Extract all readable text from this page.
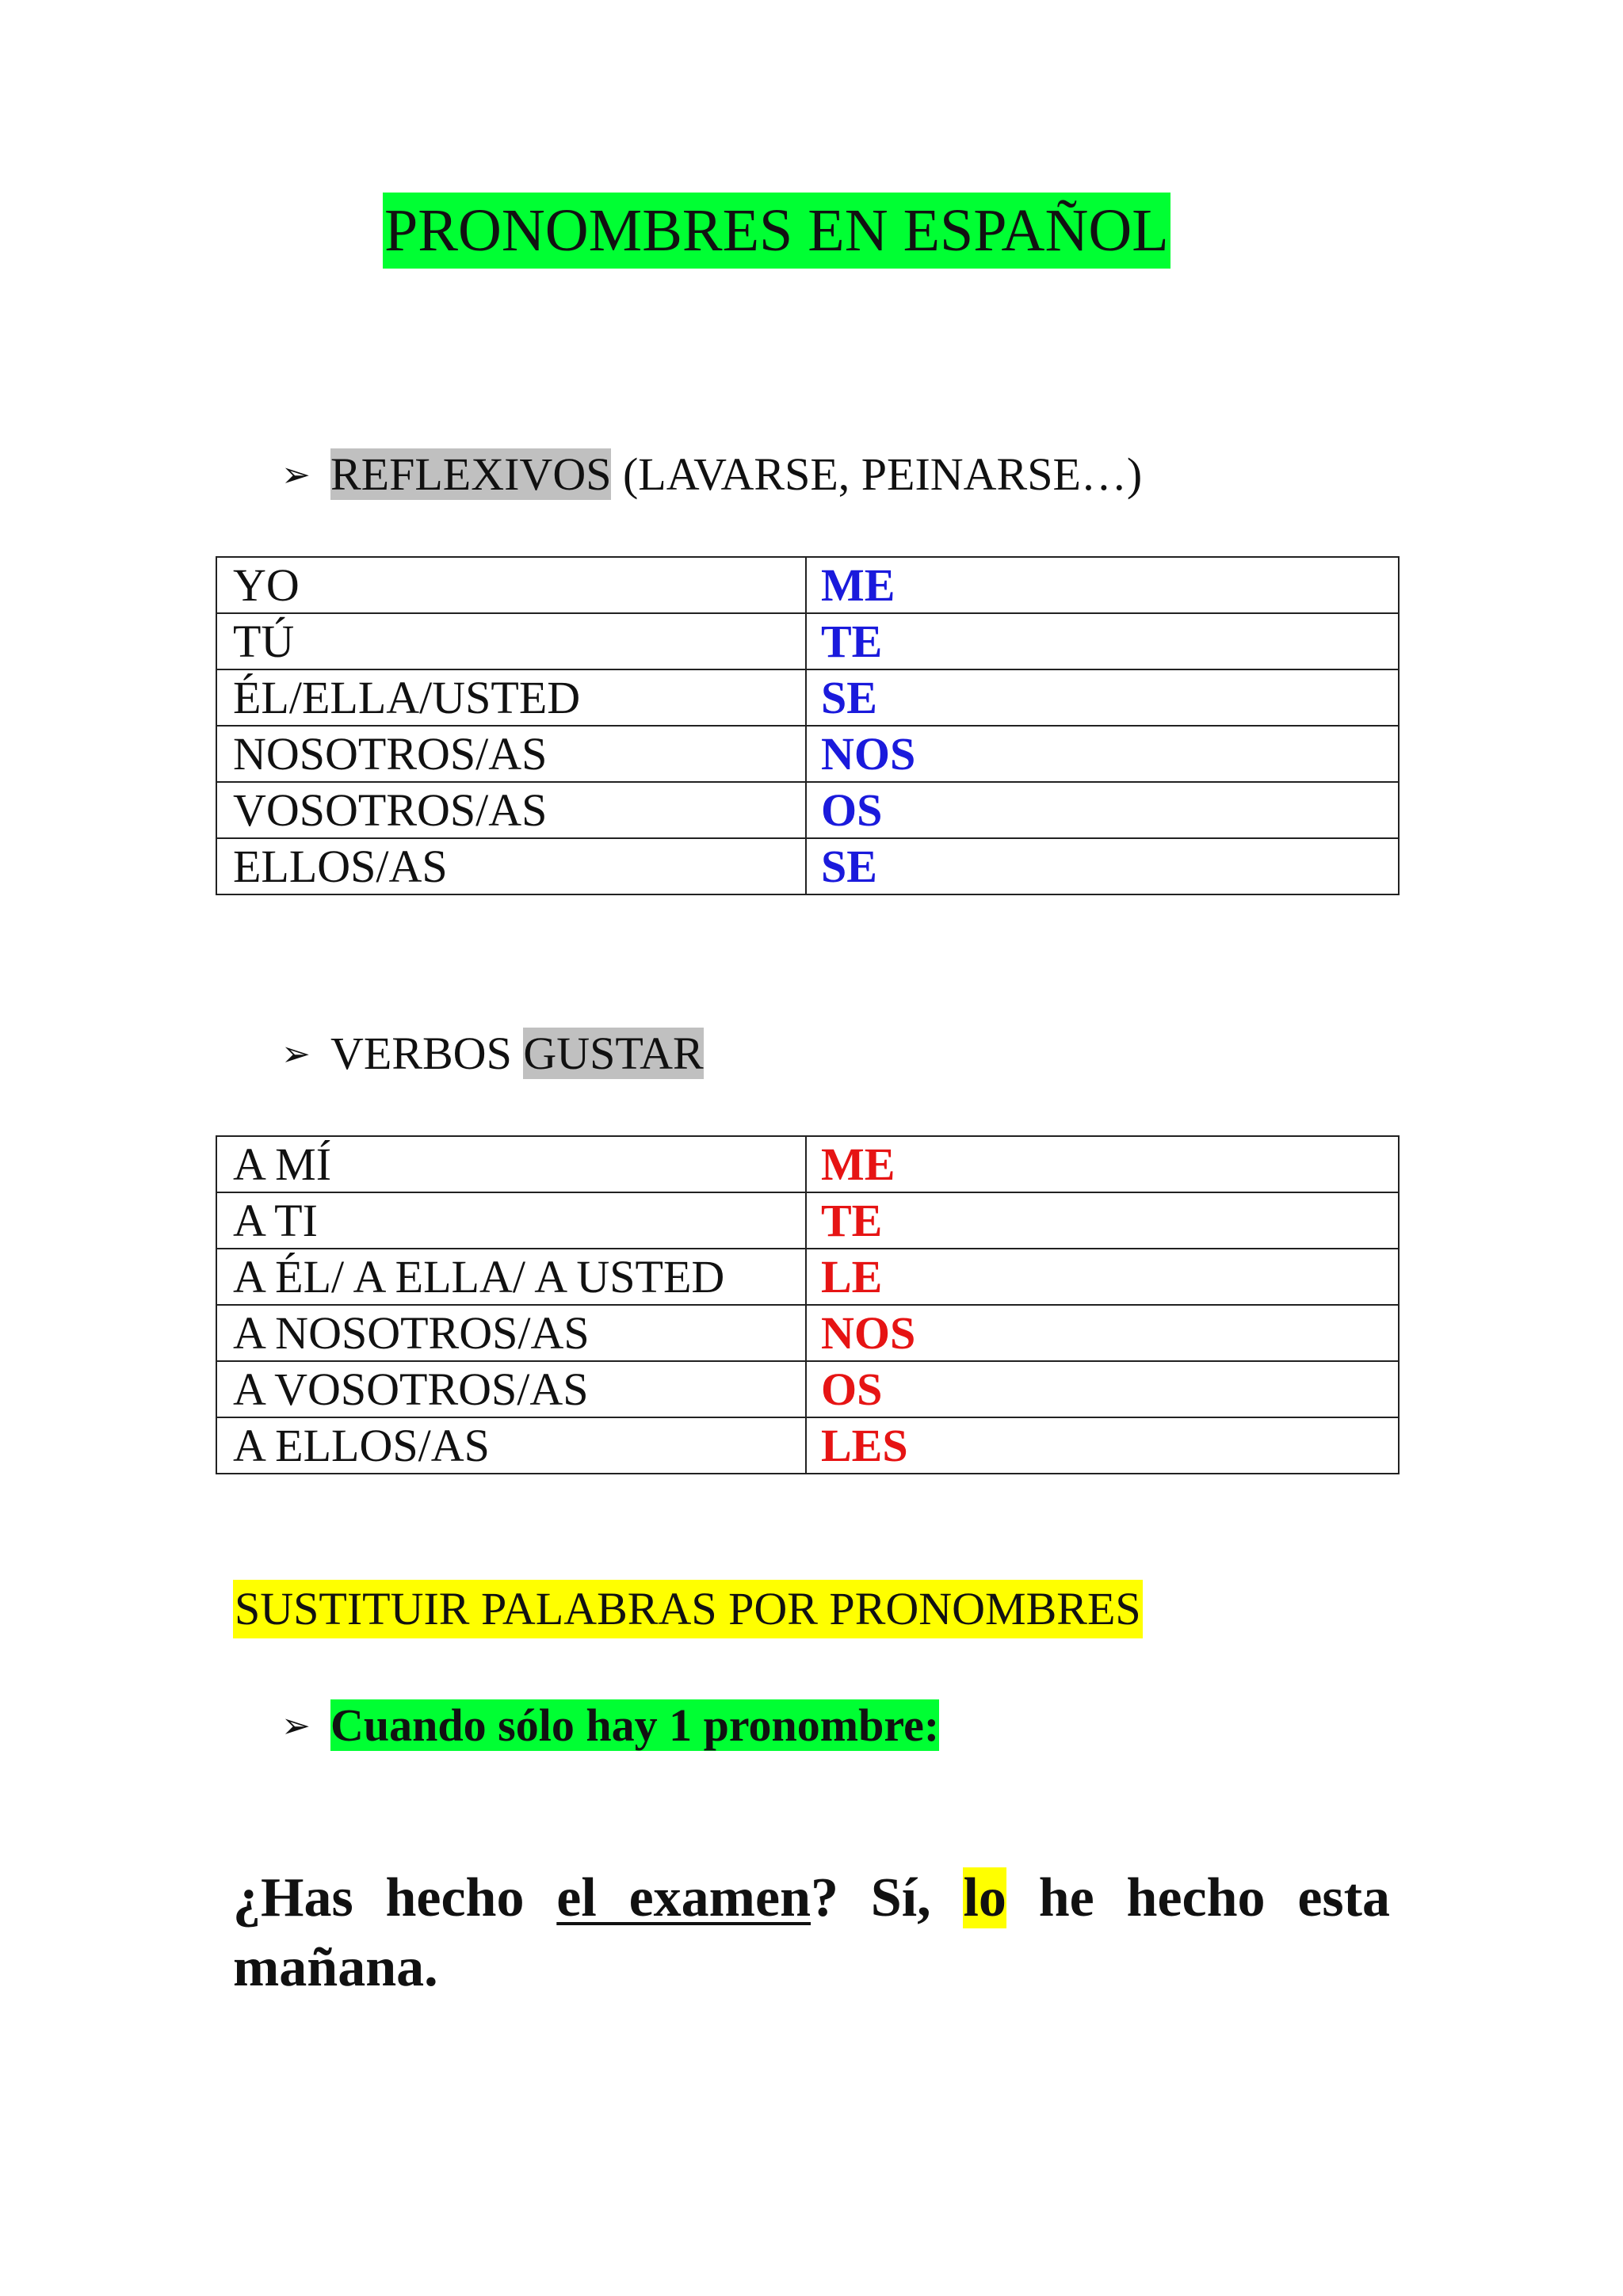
PRONOMBRES EN ESPAÑOL
➢ REFLEXIVOS (LAVARSE, PEINARSE…)
YO	ME
TÚ	TE
ÉL/ELLA/USTED	SE
NOSOTROS/AS	NOS
VOSOTROS/AS	OS
ELLOS/AS	SE
➢ VERBOS GUSTAR
A MÍ	ME
A TI	TE
A ÉL/ A ELLA/ A USTED	LE
A NOSOTROS/AS	NOS
A VOSOTROS/AS	OS
A ELLOS/AS	LES
SUSTITUIR PALABRAS POR PRONOMBRES
➢ Cuando sólo hay 1 pronombre:
¿Has hecho el examen? Sí, lo he hecho esta mañana.
